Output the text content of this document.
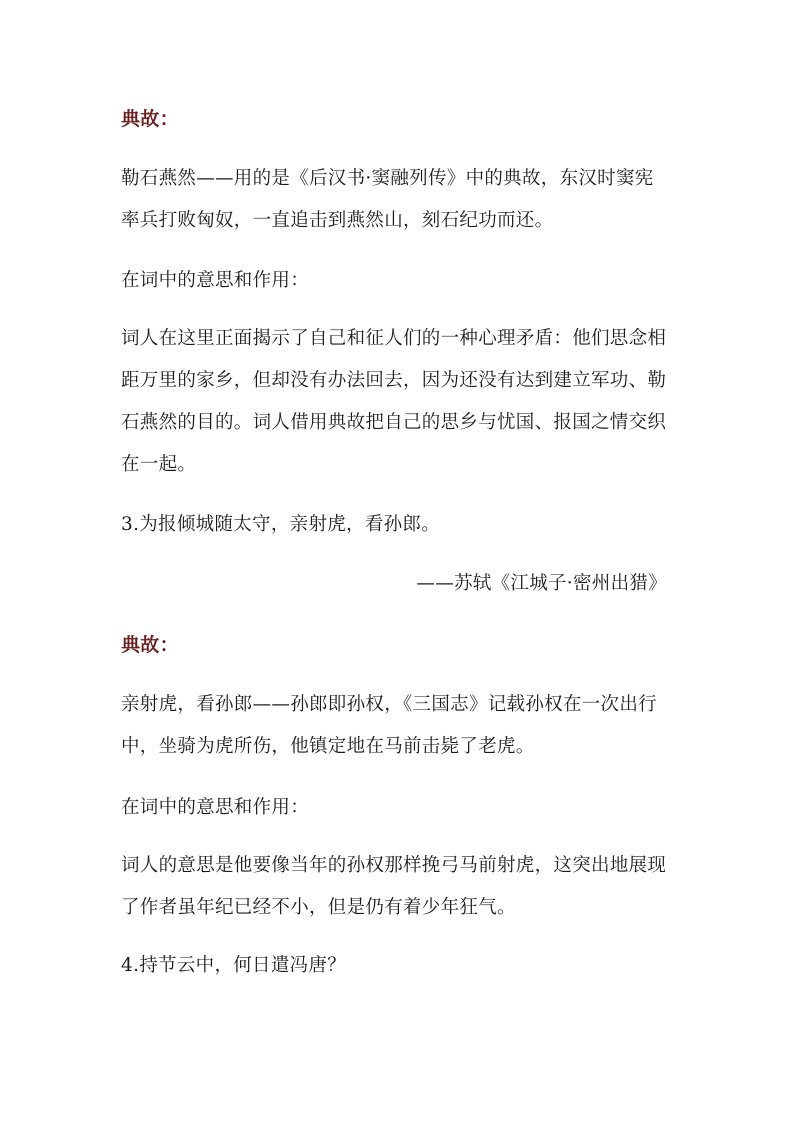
典故：
勒石燕然——用的是《后汉书·窦融列传》中的典故，东汉时窦宪
率兵打败匈奴，一直追击到燕然山，刻石纪功而还。
在词中的意思和作用：
词人在这里正面揭示了自己和征人们的一种心理矛盾：他们思念相
距万里的家乡，但却没有办法回去，因为还没有达到建立军功、勒
石燕然的目的。词人借用典故把自己的思乡与忧国、报国之情交织
在一起。
3.为报倾城随太守，亲射虎，看孙郎。
——苏轼《江城子·密州出猎》
典故：
亲射虎，看孙郎——孙郎即孙权，《三国志》记载孙权在一次出行
中，坐骑为虎所伤，他镇定地在马前击毙了老虎。
在词中的意思和作用：
词人的意思是他要像当年的孙权那样挽弓马前射虎，这突出地展现
了作者虽年纪已经不小，但是仍有着少年狂气。
4.持节云中，何日遣冯唐？
